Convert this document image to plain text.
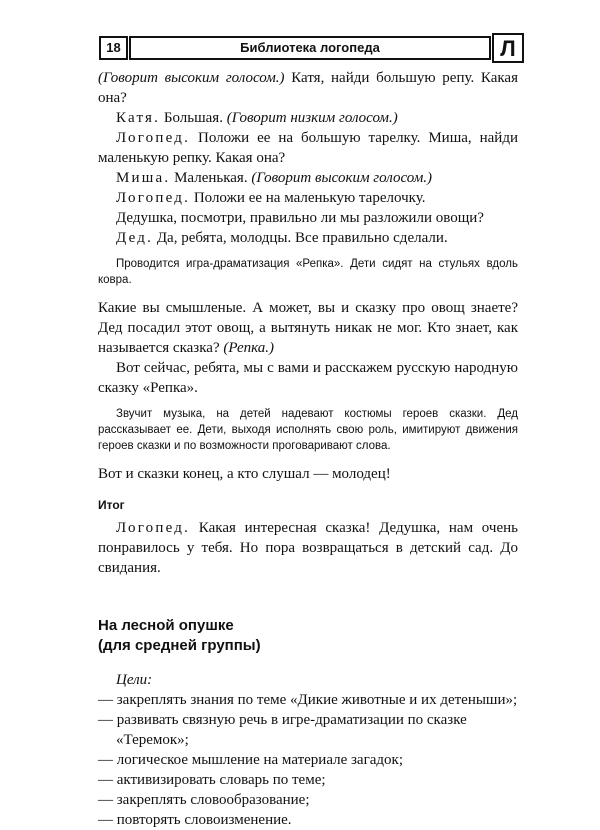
18	Библиотека логопеда	Л

(Говорит высоким голосом.) Катя, найди большую репу. Какая она?

Катя. Большая. (Говорит низким голосом.)

Логопед. Положи ее на большую тарелку. Миша, найди маленькую репку. Какая она?

Миша. Маленькая. (Говорит высоким голосом.)

Логопед. Положи ее на маленькую тарелочку.

Дедушка, посмотри, правильно ли мы разложили овощи?

Дед. Да, ребята, молодцы. Все правильно сделали.

Проводится игра-драматизация «Репка». Дети сидят на стульях вдоль ковра.

Какие вы смышленые. А может, вы и сказку про овощ знаете? Дед посадил этот овощ, а вытянуть никак не мог. Кто знает, как называется сказка? (Репка.)

Вот сейчас, ребята, мы с вами и расскажем русскую народную сказку «Репка».

Звучит музыка, на детей надевают костюмы героев сказки. Дед рассказывает ее. Дети, выходя исполнять свою роль, имитируют движения героев сказки и по возможности проговаривают слова.

Вот и сказки конец, а кто слушал — молодец!

Итог

Логопед. Какая интересная сказка! Дедушка, нам очень понравилось у тебя. Но пора возвращаться в детский сад. До свидания.

На лесной опушке
(для средней группы)

Цели:

— закреплять знания по теме «Дикие животные и их детеныши»;

— развивать связную речь в игре-драматизации по сказке «Теремок»;

— логическое мышление на материале загадок;

— активизировать словарь по теме;

— закреплять словообразование;

— повторять словоизменение.
